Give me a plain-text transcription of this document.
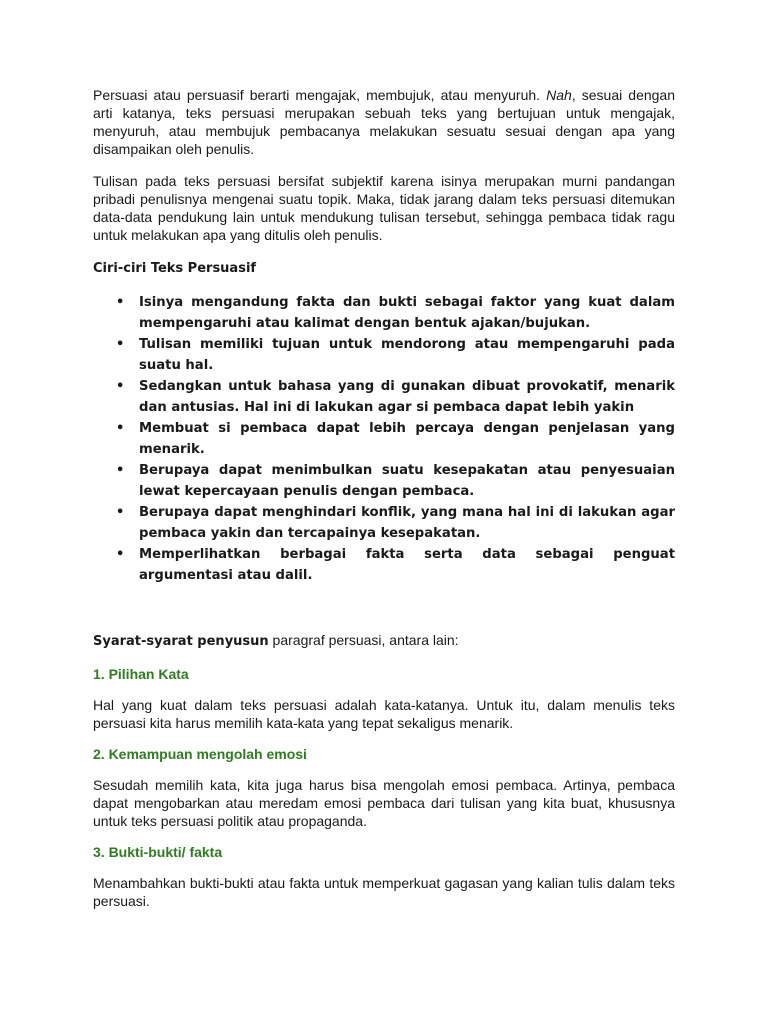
Persuasi atau persuasif berarti mengajak, membujuk, atau menyuruh. Nah, sesuai dengan arti katanya, teks persuasi merupakan sebuah teks yang bertujuan untuk mengajak, menyuruh, atau membujuk pembacanya melakukan sesuatu sesuai dengan apa yang disampaikan oleh penulis.

Tulisan pada teks persuasi bersifat subjektif karena isinya merupakan murni pandangan pribadi penulisnya mengenai suatu topik. Maka, tidak jarang dalam teks persuasi ditemukan data-data pendukung lain untuk mendukung tulisan tersebut, sehingga pembaca tidak ragu untuk melakukan apa yang ditulis oleh penulis.

Ciri-ciri Teks Persuasif

• Isinya mengandung fakta dan bukti sebagai faktor yang kuat dalam mempengaruhi atau kalimat dengan bentuk ajakan/bujukan.
• Tulisan memiliki tujuan untuk mendorong atau mempengaruhi pada suatu hal.
• Sedangkan untuk bahasa yang di gunakan dibuat provokatif, menarik dan antusias. Hal ini di lakukan agar si pembaca dapat lebih yakin
• Membuat si pembaca dapat lebih percaya dengan penjelasan yang menarik.
• Berupaya dapat menimbulkan suatu kesepakatan atau penyesuaian lewat kepercayaan penulis dengan pembaca.
• Berupaya dapat menghindari konflik, yang mana hal ini di lakukan agar pembaca yakin dan tercapainya kesepakatan.
• Memperlihatkan berbagai fakta serta data sebagai penguat argumentasi atau dalil.

Syarat-syarat penyusun paragraf persuasi, antara lain:

1. Pilihan Kata

Hal yang kuat dalam teks persuasi adalah kata-katanya. Untuk itu, dalam menulis teks persuasi kita harus memilih kata-kata yang tepat sekaligus menarik.

2. Kemampuan mengolah emosi

Sesudah memilih kata, kita juga harus bisa mengolah emosi pembaca. Artinya, pembaca dapat mengobarkan atau meredam emosi pembaca dari tulisan yang kita buat, khususnya untuk teks persuasi politik atau propaganda.

3. Bukti-bukti/ fakta

Menambahkan bukti-bukti atau fakta untuk memperkuat gagasan yang kalian tulis dalam teks persuasi.
